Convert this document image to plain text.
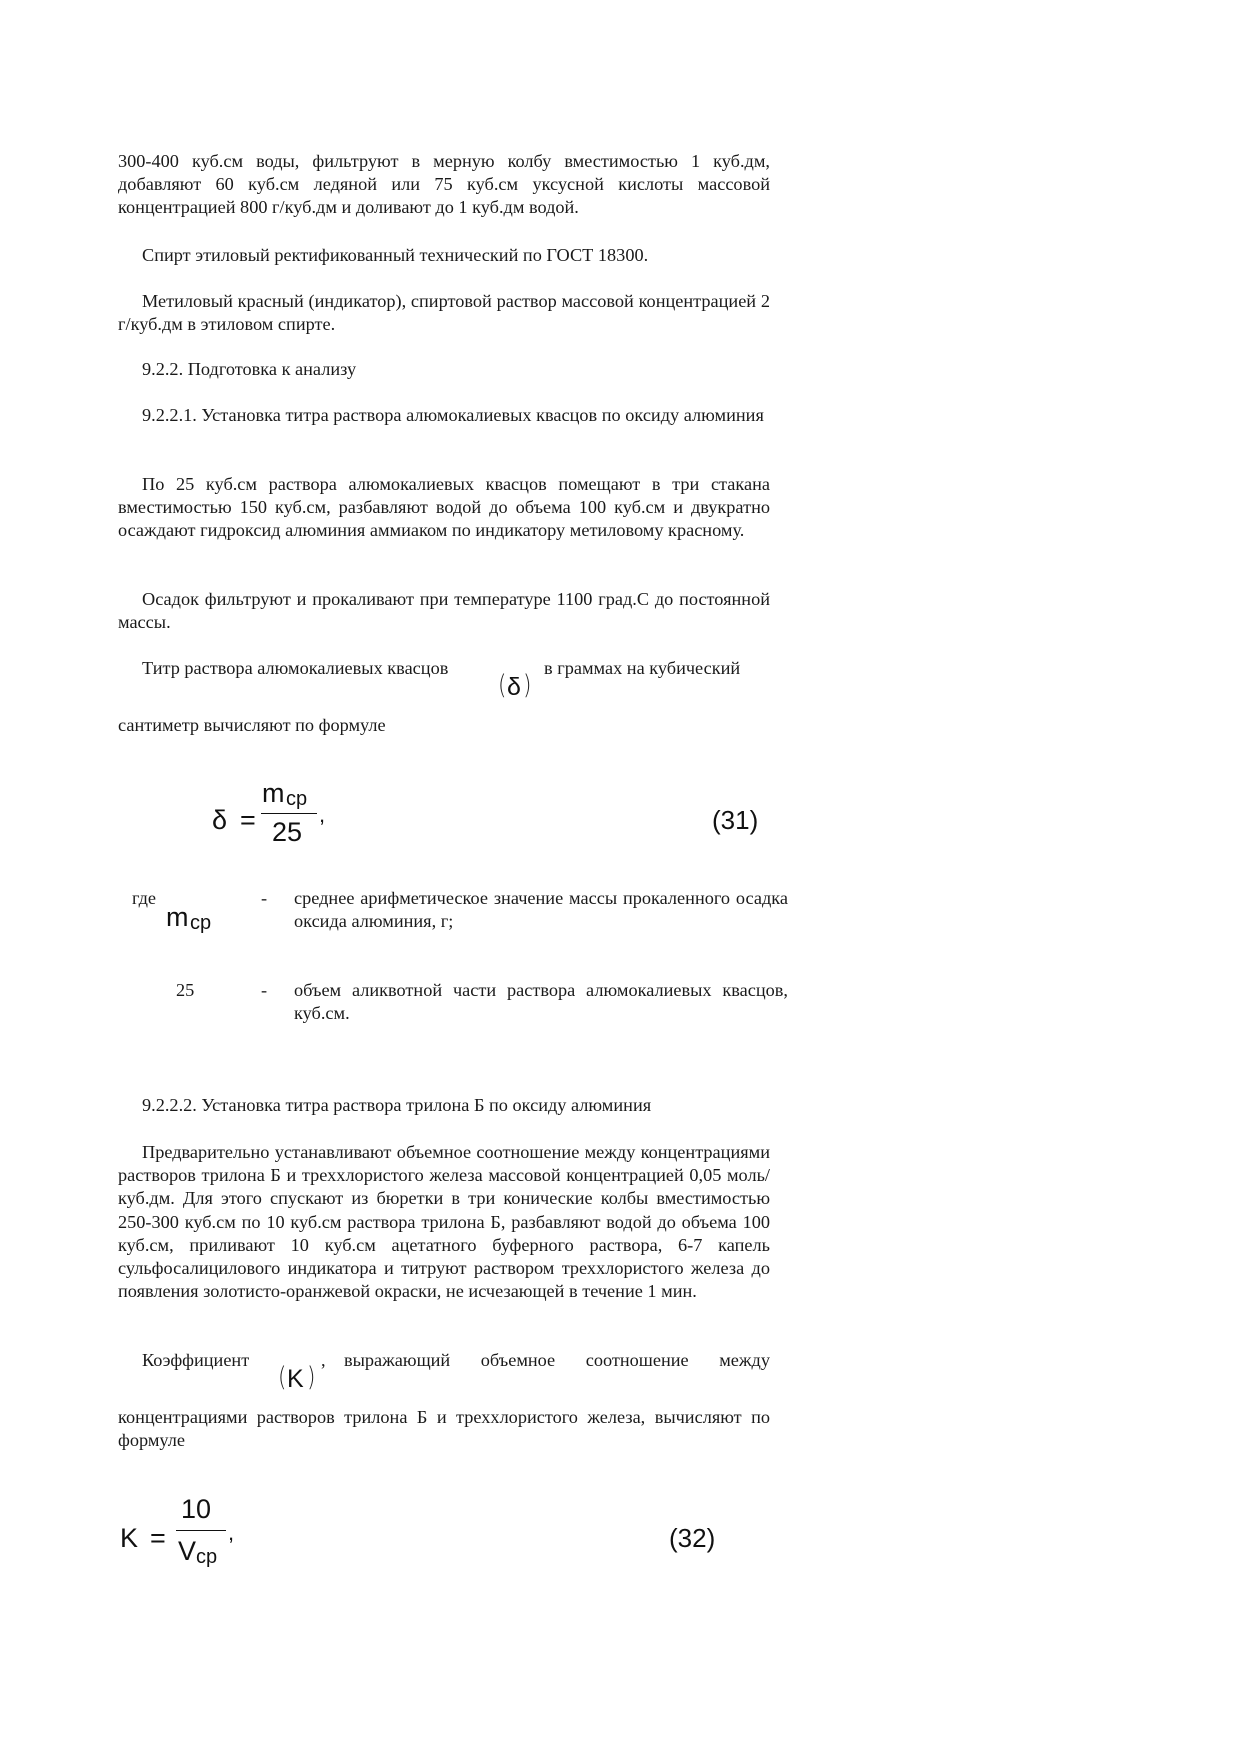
300-400 куб.см воды, фильтруют в мерную колбу вместимостью 1 куб.дм, добавляют 60 куб.см ледяной или 75 куб.см уксусной кислоты массовой концентрацией 800 г/куб.дм и доливают до 1 куб.дм водой.

Спирт этиловый ректификованный технический по ГОСТ 18300.

Метиловый красный (индикатор), спиртовой раствор массовой концентрацией 2 г/куб.дм в этиловом спирте.

9.2.2. Подготовка к анализу

9.2.2.1. Установка титра раствора алюмокалиевых квасцов по оксиду алюминия

По 25 куб.см раствора алюмокалиевых квасцов помещают в три стакана вместимостью 150 куб.см, разбавляют водой до объема 100 куб.см и двукратно осаждают гидроксид алюминия аммиаком по индикатору метиловому красному.

Осадок фильтруют и прокаливают при температуре 1100 град.С до постоянной массы.

Титр раствора алюмокалиевых квасцов	в граммах на кубический
( δ )
сантиметр вычисляют по формуле
δ =
m ср
25
,	(31)
где
m ср
- среднее арифметическое значение массы прокаленного осадка оксида алюминия, г;
25	- объем аликвотной части раствора алюмокалиевых квасцов, куб.см.

9.2.2.2. Установка титра раствора трилона Б по оксиду алюминия

Предварительно устанавливают объемное соотношение между концентрациями растворов трилона Б и треххлористого железа массовой концентрацией 0,05 моль/куб.дм. Для этого спускают из бюретки в три конические колбы вместимостью 250-300 куб.см по 10 куб.см раствора трилона Б, разбавляют водой до объема 100 куб.см, приливают 10 куб.см ацетатного буферного раствора, 6-7 капель сульфосалицилового индикатора и титруют раствором треххлористого железа до появления золотисто-оранжевой окраски, не исчезающей в течение 1 мин.

Коэффициент
( K )
, выражающий объемное соотношение между

концентрациями растворов трилона Б и треххлористого железа, вычисляют по формуле

K =
10
V ср
,	(32)
